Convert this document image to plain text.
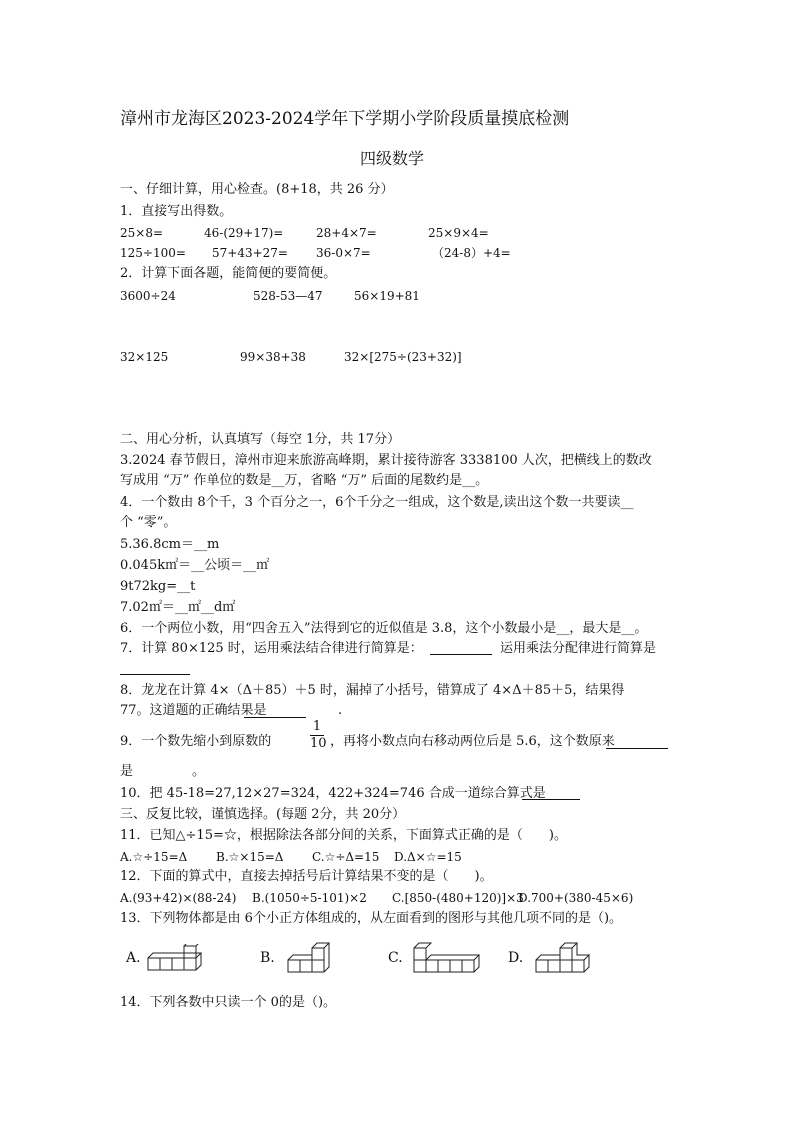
漳州市龙海区2023-2024学年下学期小学阶段质量摸底检测
四级数学
一、仔细计算，用心检查。(8+18，共 26 分）
1．直接写出得数。
25×8=	46-(29+17)=	28+4×7=	25×9×4=
125÷100= 57+43+27= 36-0×7=	（24-8）+4=
2．计算下面各题，能简便的要简便。
3600÷24	528-53—47	56×19+81
32×125	99×38+38	32×[275÷(23+32)]
二、用心分析，认真填写（每空 1分，共 17分）
3.2024 春节假日，漳州市迎来旅游高峰期，累计接待游客 3338100 人次，把横线上的数改
写成用 “万” 作单位的数是__万，省略 “万” 后面的尾数约是__。
4．一个数由 8个千，3 个百分之一，6个千分之一组成，这个数是,读出这个数一共要读__
个 “零”。
5.36.8cm＝__m
0.045k㎡＝__公顷＝__㎡
9t72kg=__t
7.02㎡＝__㎡__d㎡
6．一个两位小数，用“四舍五入”法得到它的近似值是 3.8，这个小数最小是__，最大是__。
7．计算 80×125 时，运用乘法结合律进行简算是：	运用乘法分配律进行简算是
8．龙龙在计算 4×（Δ＋85）＋5 时，漏掉了小括号，错算成了 4×Δ＋85＋5，结果得
77。这道题的正确结果是	.
9．一个数先缩小到原数的
1
10 ，再将小数点向右移动两位后是 5.6，这个数原来
是	。
10．把 45-18=27,12×27=324，422+324=746 合成一道综合算式是
三、反复比较，谨慎选择。(每题 2分，共 20分）
11．已知△÷15=☆，根据除法各部分间的关系，下面算式正确的是（　　)。
A.☆÷15=Δ B.☆×15=Δ C.☆÷Δ=15 D.Δ×☆=15
12．下面的算式中，直接去掉括号后计算结果不变的是（　　)。
A.(93+42)×(88-24) B.(1050÷5-101)×2 C.[850-(480+120)]×3
D.700+(380-45×6)
13．下列物体都是由 6个小正方体组成的，从左面看到的图形与其他几项不同的是（)。
A.	B.	C.	D.
14．下列各数中只读一个 0的是（)。
